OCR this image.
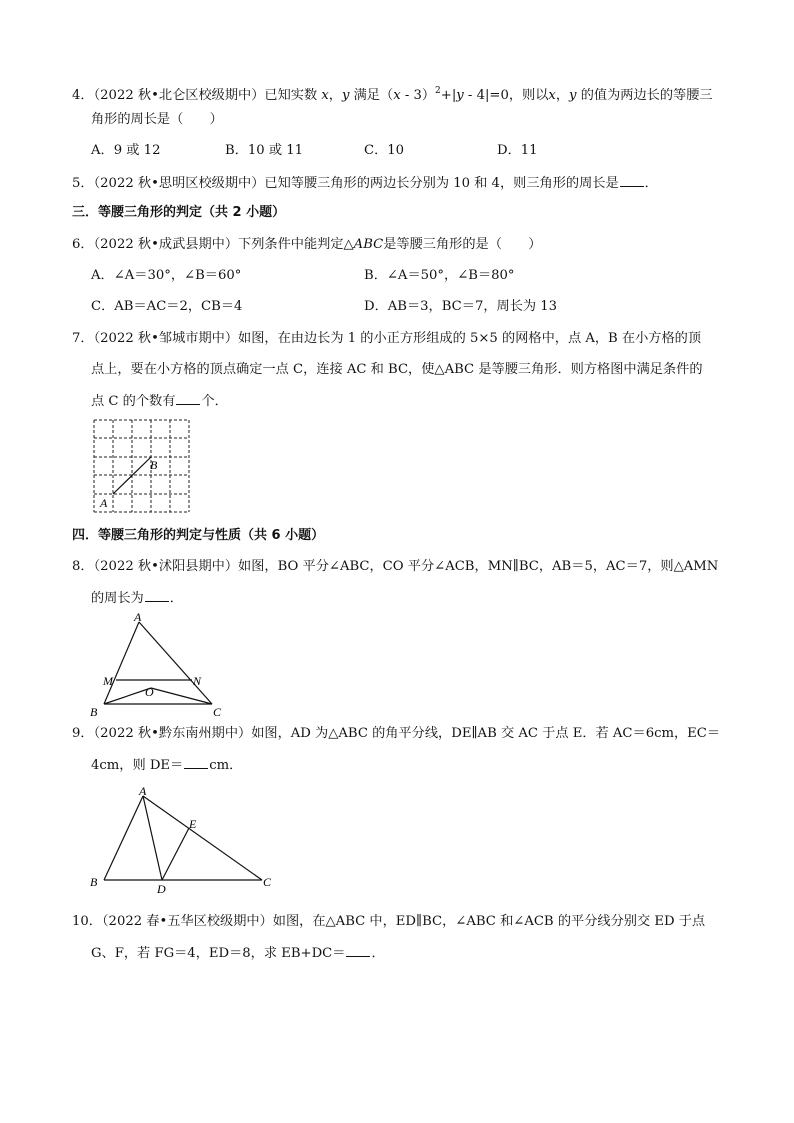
4．（2022 秋•北仑区校级期中）已知实数 x，y 满足（x - 3）$^2$+|y - 4|=0，则以x，y 的值为两边长的等腰三
角形的周长是（　　）
A．9 或 12	B．10 或 11	C．10	D．11
5．（2022 秋•思明区校级期中）已知等腰三角形的两边长分别为 10 和 4，则三角形的周长是 ．
三．等腰三角形的判定（共 2 小题）
6．（2022 秋•成武县期中）下列条件中能判定△ABC是等腰三角形的是（　　）
A．∠A＝30°，∠B＝60°	B．∠A＝50°，∠B＝80°
C．AB＝AC＝2，CB＝4	D．AB＝3，BC＝7，周长为 13
7．（2022 秋•邹城市期中）如图，在由边长为 1 的小正方形组成的 5×5 的网格中，点 A，B 在小方格的顶
点上，要在小方格的顶点确定一点 C，连接 AC 和 BC，使△ABC 是等腰三角形．则方格图中满足条件的
点 C 的个数有 个．
A
B
四．等腰三角形的判定与性质（共 6 小题）
8．（2022 秋•沭阳县期中）如图，BO 平分∠ABC，CO 平分∠ACB，MN∥BC，AB＝5，AC＝7，则△AMN
的周长为 ．
A
M	N
O
B	C
9．（2022 秋•黔东南州期中）如图，AD 为△ABC 的角平分线，DE∥AB 交 AC 于点 E．若 AC＝6cm，EC＝
4cm，则 DE＝ cm．
A
E
B	D	C
10．（2022 春•五华区校级期中）如图，在△ABC 中，ED∥BC，∠ABC 和∠ACB 的平分线分别交 ED 于点
G、F，若 FG＝4，ED＝8，求 EB+DC＝ ．
